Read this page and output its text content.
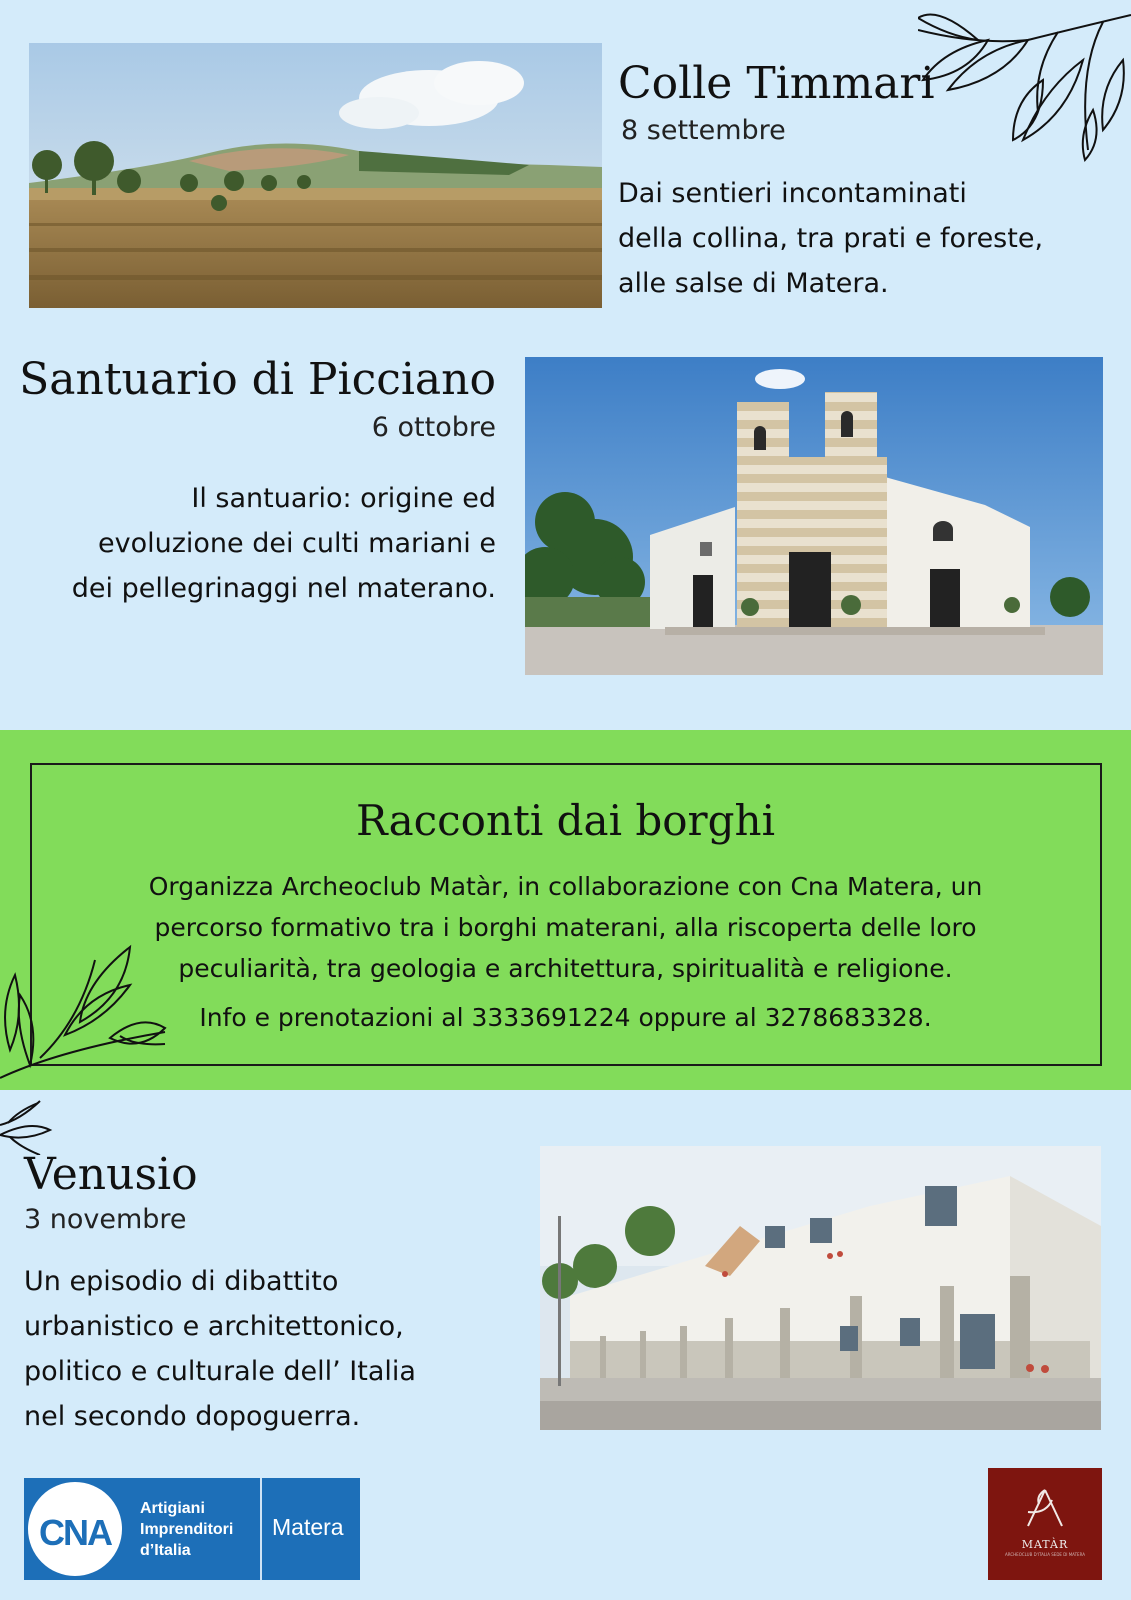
Colle Timmari
8 settembre
Dai sentieri incontaminati
della collina, tra prati e foreste,
alle salse di Matera.
Santuario di Picciano
6 ottobre
Il santuario: origine ed
evoluzione dei culti mariani e
dei pellegrinaggi nel materano.
Racconti dai borghi
Organizza Archeoclub Matàr, in collaborazione con Cna Matera, un
percorso formativo tra i borghi materani, alla riscoperta delle loro
peculiarità, tra geologia e architettura, spiritualità e religione.
Info e prenotazioni al 3333691224 oppure al 3278683328.
Venusio
3 novembre
Un episodio di dibattito
urbanistico e architettonico,
politico e culturale dell’ Italia
nel secondo dopoguerra.
CNA
Artigiani
Imprenditori
d’Italia
Matera
MATÀR
ARCHEOCLUB D'ITALIA SEDE DI MATERA
